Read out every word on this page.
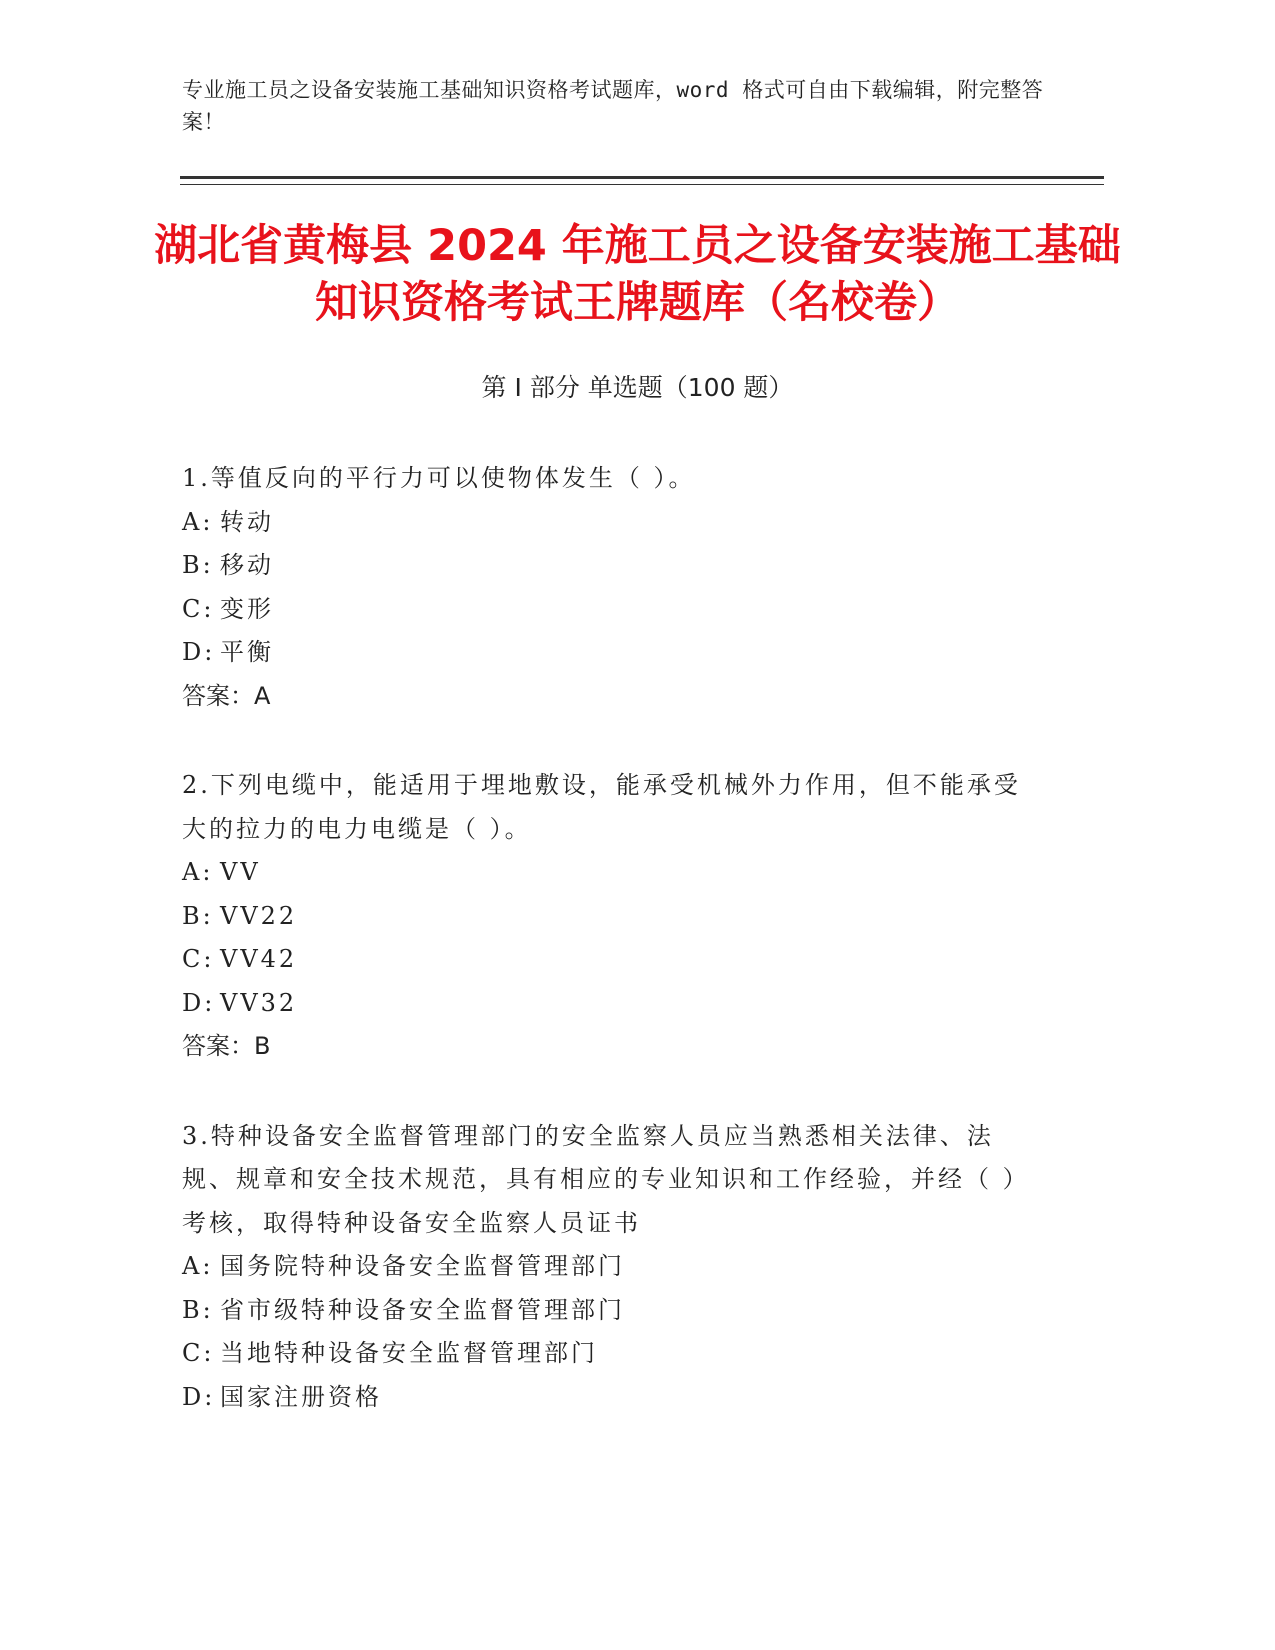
专业施工员之设备安装施工基础知识资格考试题库，word 格式可自由下载编辑，附完整答案！
湖北省黄梅县 2024 年施工员之设备安装施工基础知识资格考试王牌题库（名校卷）
第 I 部分 单选题（100 题）
1.等值反向的平行力可以使物体发生（ ）。
A: 转动
B: 移动
C: 变形
D: 平衡
答案：A
2.下列电缆中，能适用于埋地敷设，能承受机械外力作用，但不能承受大的拉力的电力电缆是（ ）。
A: VV
B: VV22
C: VV42
D: VV32
答案：B
3.特种设备安全监督管理部门的安全监察人员应当熟悉相关法律、法规、规章和安全技术规范，具有相应的专业知识和工作经验，并经（ ）考核，取得特种设备安全监察人员证书
A: 国务院特种设备安全监督管理部门
B: 省市级特种设备安全监督管理部门
C: 当地特种设备安全监督管理部门
D: 国家注册资格
